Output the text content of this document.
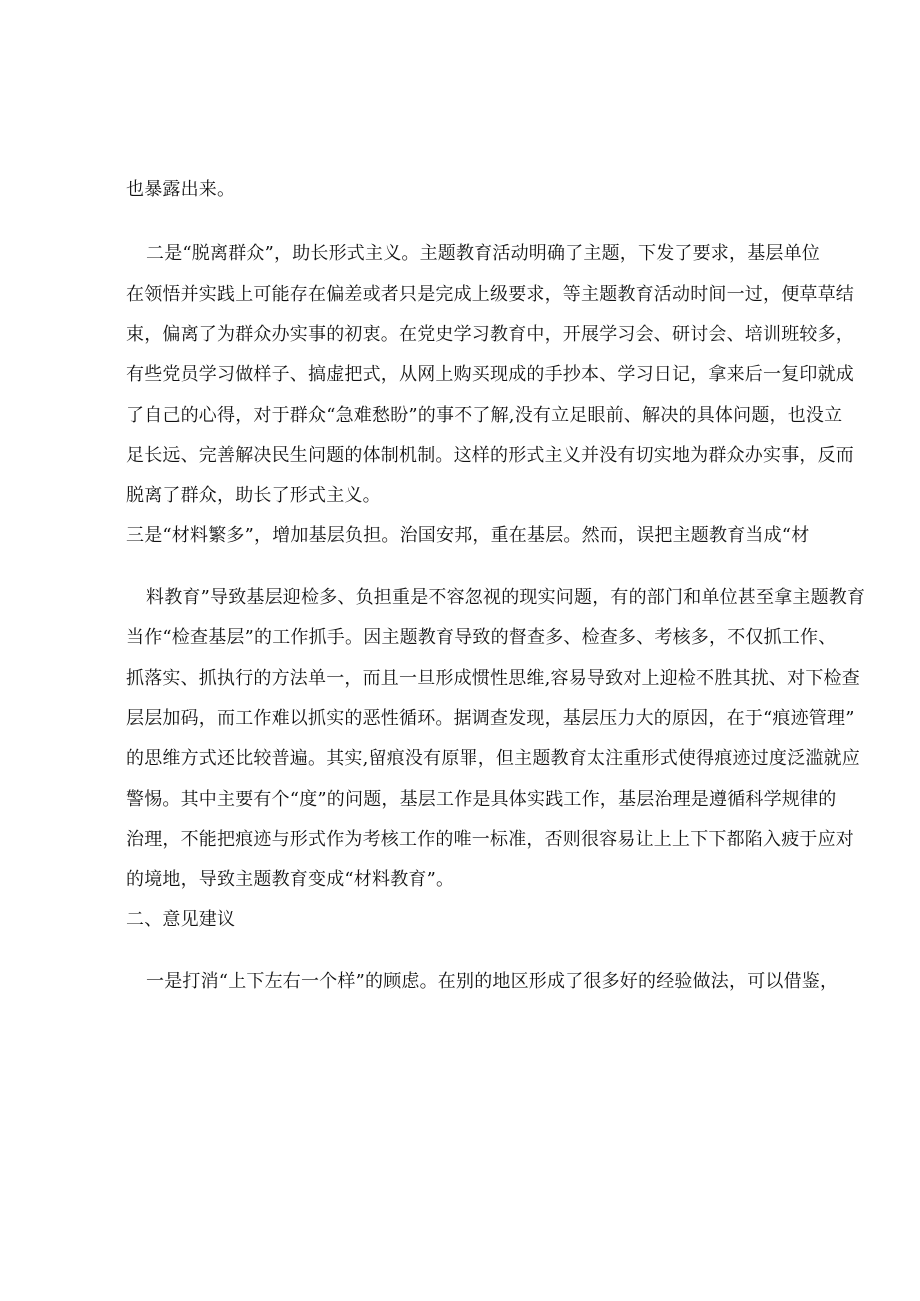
也暴露出来。
二是“脱离群众”，助长形式主义。主题教育活动明确了主题，下发了要求，基层单位
在领悟并实践上可能存在偏差或者只是完成上级要求，等主题教育活动时间一过，便草草结
束，偏离了为群众办实事的初衷。在党史学习教育中，开展学习会、研讨会、培训班较多，
有些党员学习做样子、搞虚把式，从网上购买现成的手抄本、学习日记，拿来后一复印就成
了自己的心得，对于群众“急难愁盼”的事不了解,没有立足眼前、解决的具体问题，也没立
足长远、完善解决民生问题的体制机制。这样的形式主义并没有切实地为群众办实事，反而
脱离了群众，助长了形式主义。
三是“材料繁多”，增加基层负担。治国安邦，重在基层。然而，误把主题教育当成“材
料教育”导致基层迎检多、负担重是不容忽视的现实问题，有的部门和单位甚至拿主题教育
当作“检查基层”的工作抓手。因主题教育导致的督查多、检查多、考核多，不仅抓工作、
抓落实、抓执行的方法单一，而且一旦形成惯性思维,容易导致对上迎检不胜其扰、对下检查
层层加码，而工作难以抓实的恶性循环。据调查发现，基层压力大的原因，在于“痕迹管理”
的思维方式还比较普遍。其实,留痕没有原罪，但主题教育太注重形式使得痕迹过度泛滥就应
警惕。其中主要有个“度”的问题，基层工作是具体实践工作，基层治理是遵循科学规律的
治理，不能把痕迹与形式作为考核工作的唯一标准，否则很容易让上上下下都陷入疲于应对
的境地，导致主题教育变成“材料教育”。
二、意见建议
一是打消“上下左右一个样”的顾虑。在别的地区形成了很多好的经验做法，可以借鉴，
